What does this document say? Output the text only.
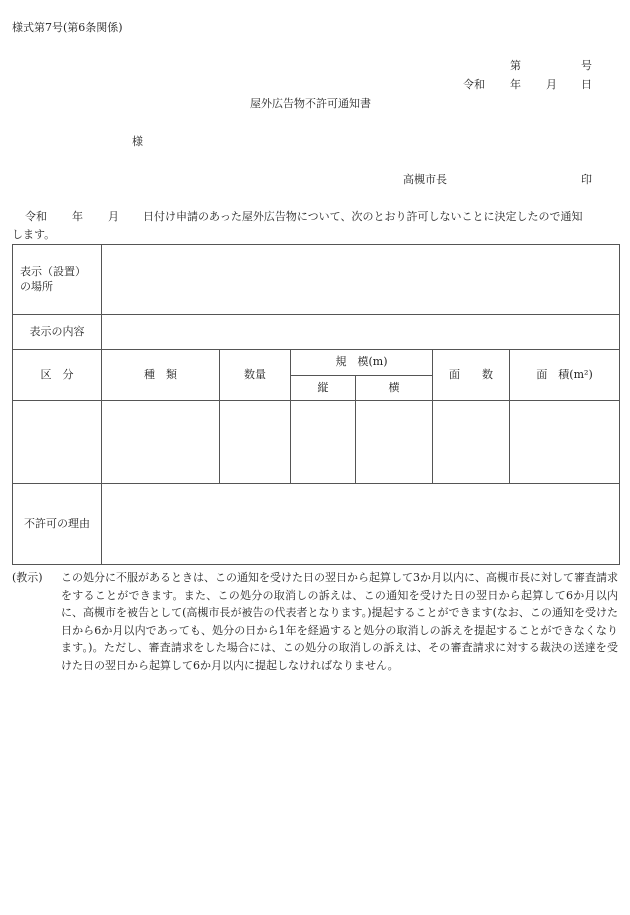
様式第7号(第6条関係)
第	号
令和 年 月 日
屋外広告物不許可通知書
様
高槻市長	印
令和 年 月 日付け申請のあった屋外広告物について、次のとおり許可しないことに決定したので通知
します。
表示（設置）
の場所						

表示の内容						
区　分	種　類	数量	規　模(m)		面　　数	面　積(m²)
			縦	横		

不許可の理由						
(教示)	この処分に不服があるときは、この通知を受けた日の翌日から起算して3か月以内に、高槻市長に対して審査請求をすることができます。また、この処分の取消しの訴えは、この通知を受けた日の翌日から起算して6か月以内に、高槻市を被告として(高槻市長が被告の代表者となります。)提起することができます(なお、この通知を受けた日から6か月以内であっても、処分の日から1年を経過すると処分の取消しの訴えを提起することができなくなります。)。ただし、審査請求をした場合には、この処分の取消しの訴えは、その審査請求に対する裁決の送達を受けた日の翌日から起算して6か月以内に提起しなければなりません。
